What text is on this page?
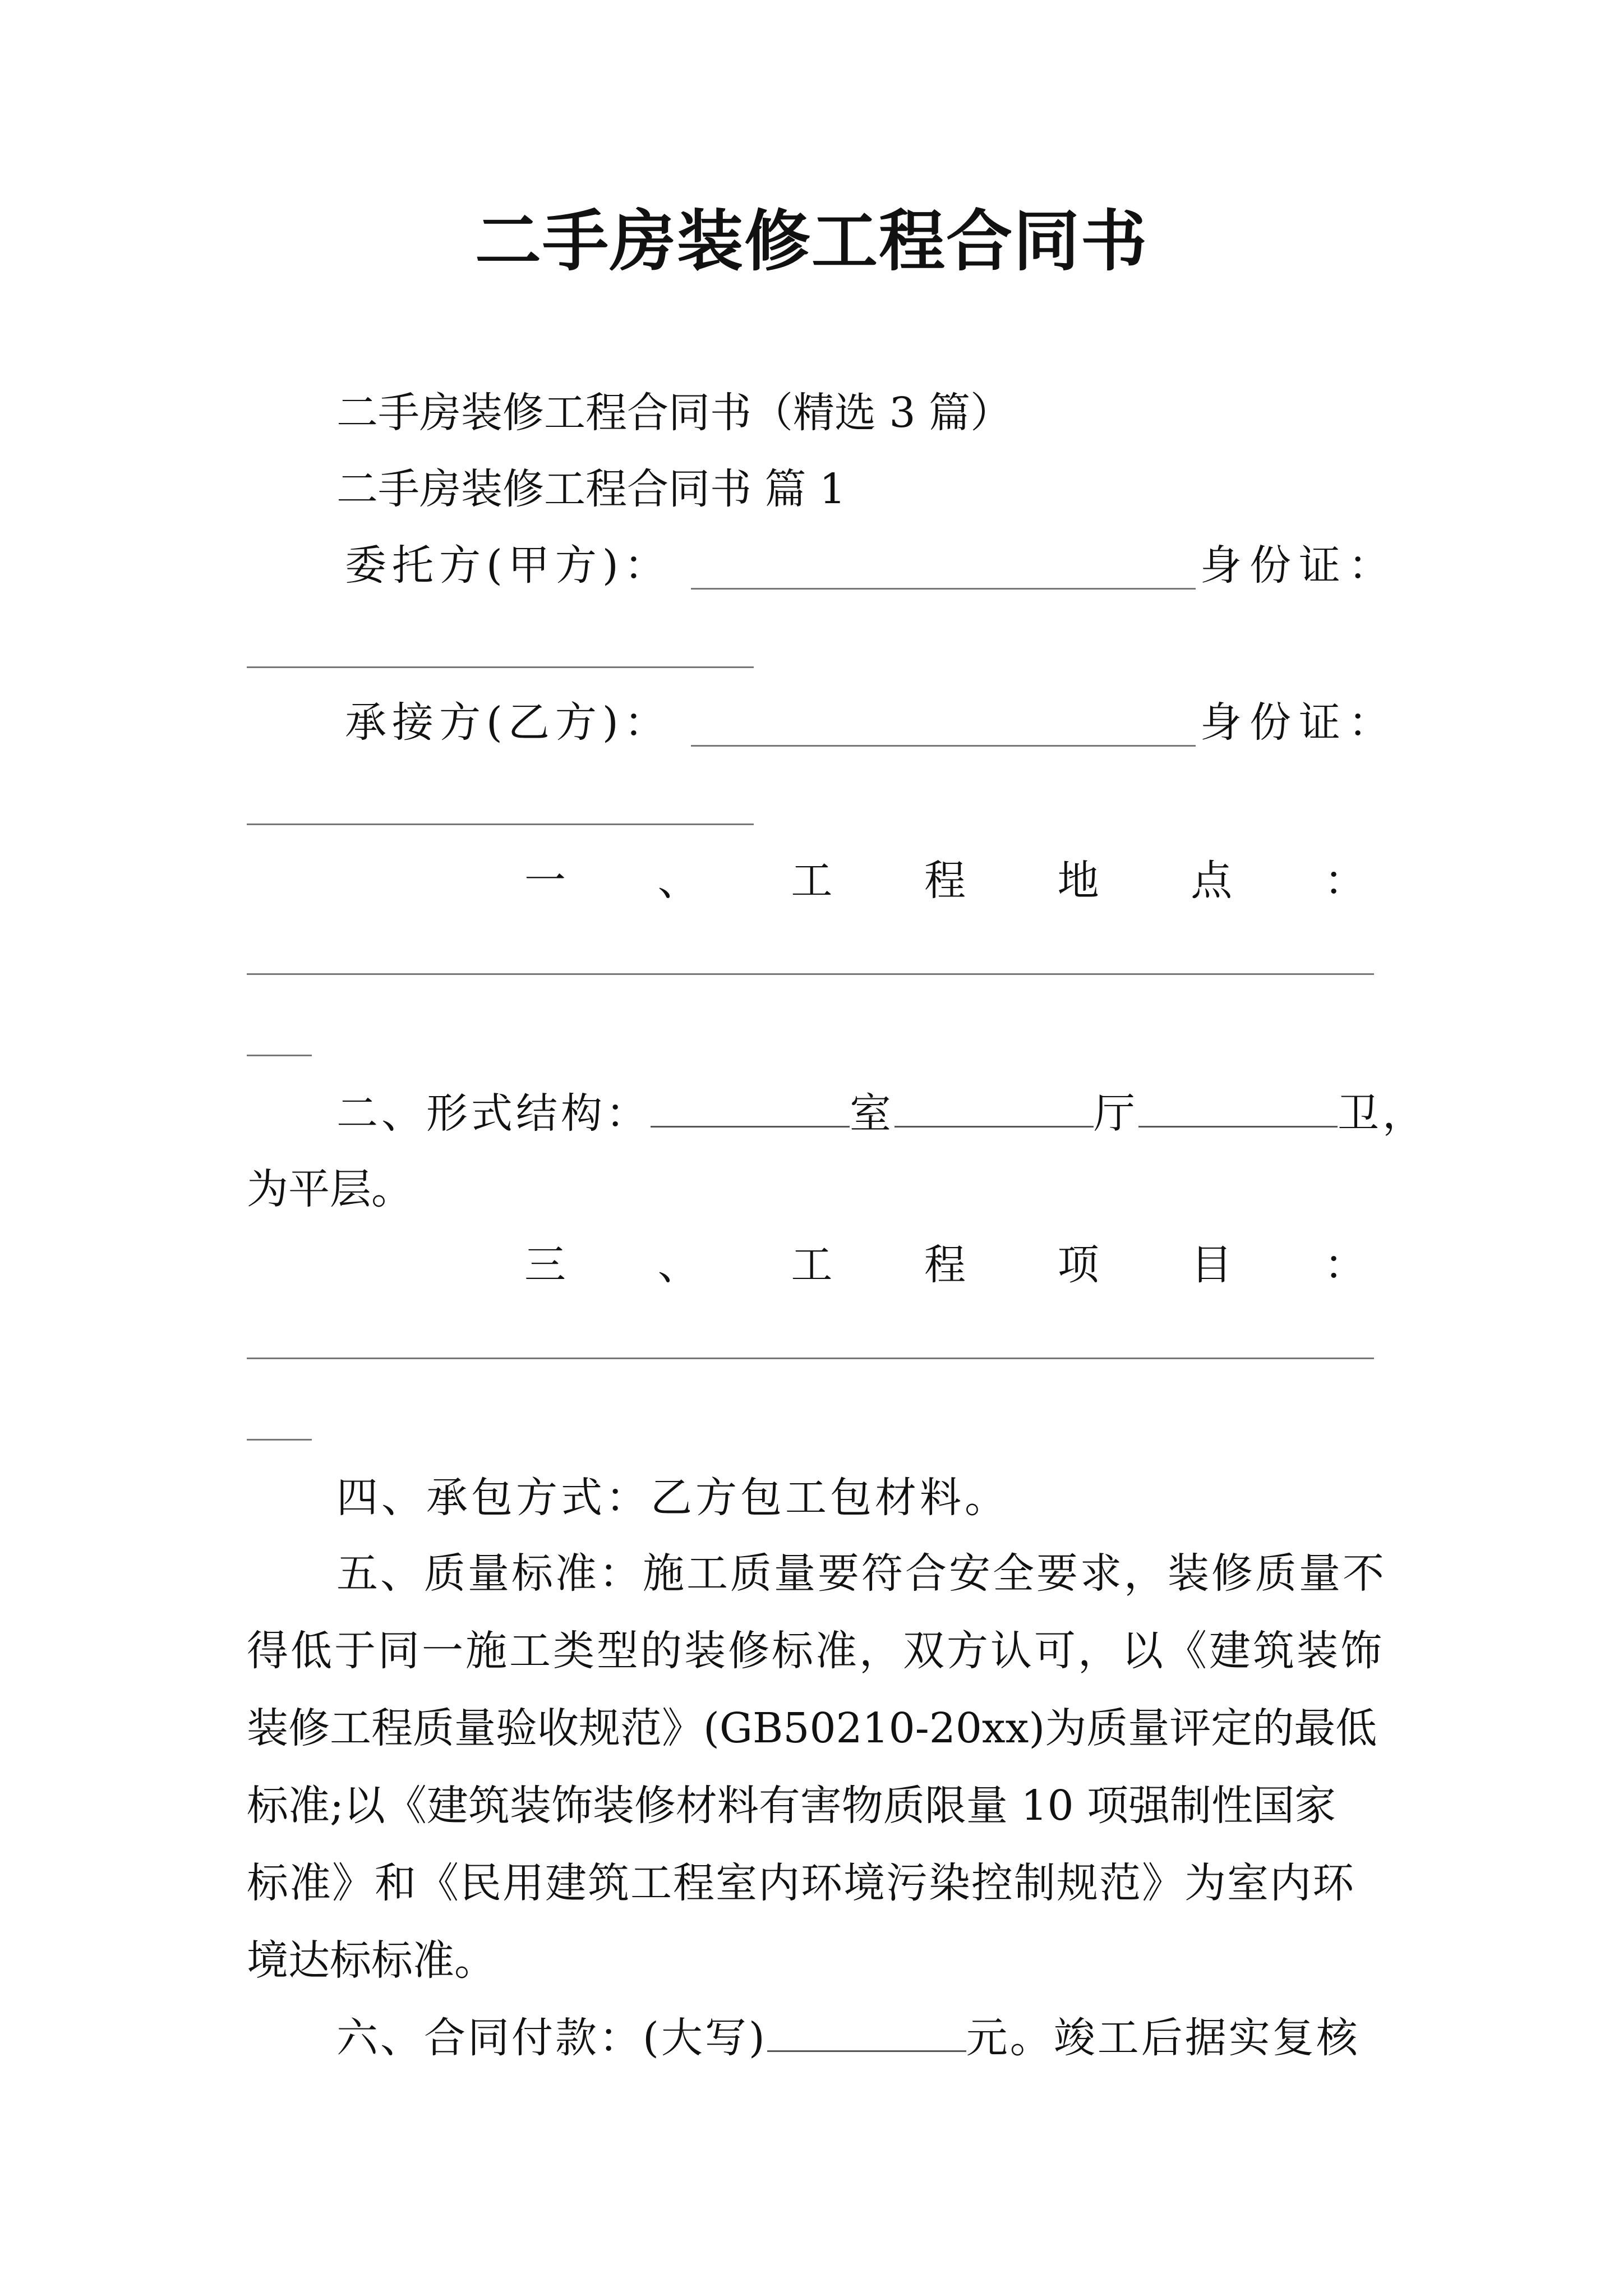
二手房装修工程合同书
二手房装修工程合同书（精选 3 篇）
二手房装修工程合同书 篇 1
委托方(甲方)：	身份证：
承接方(乙方)：	身份证：
一 、 工 程 地 点 ：
二、形式结构：	室	厅	卫，
为平层。
三 、 工 程 项 目 ：
四、承包方式：乙方包工包材料。
五、质量标准：施工质量要符合安全要求，装修质量不
得低于同一施工类型的装修标准，双方认可，以《建筑装饰
装修工程质量验收规范》(GB50210-20xx)为质量评定的最低
标准;以《建筑装饰装修材料有害物质限量 10 项强制性国家
标准》和《民用建筑工程室内环境污染控制规范》为室内环
境达标标准。
六、合同付款：(大写)	元。竣工后据实复核
